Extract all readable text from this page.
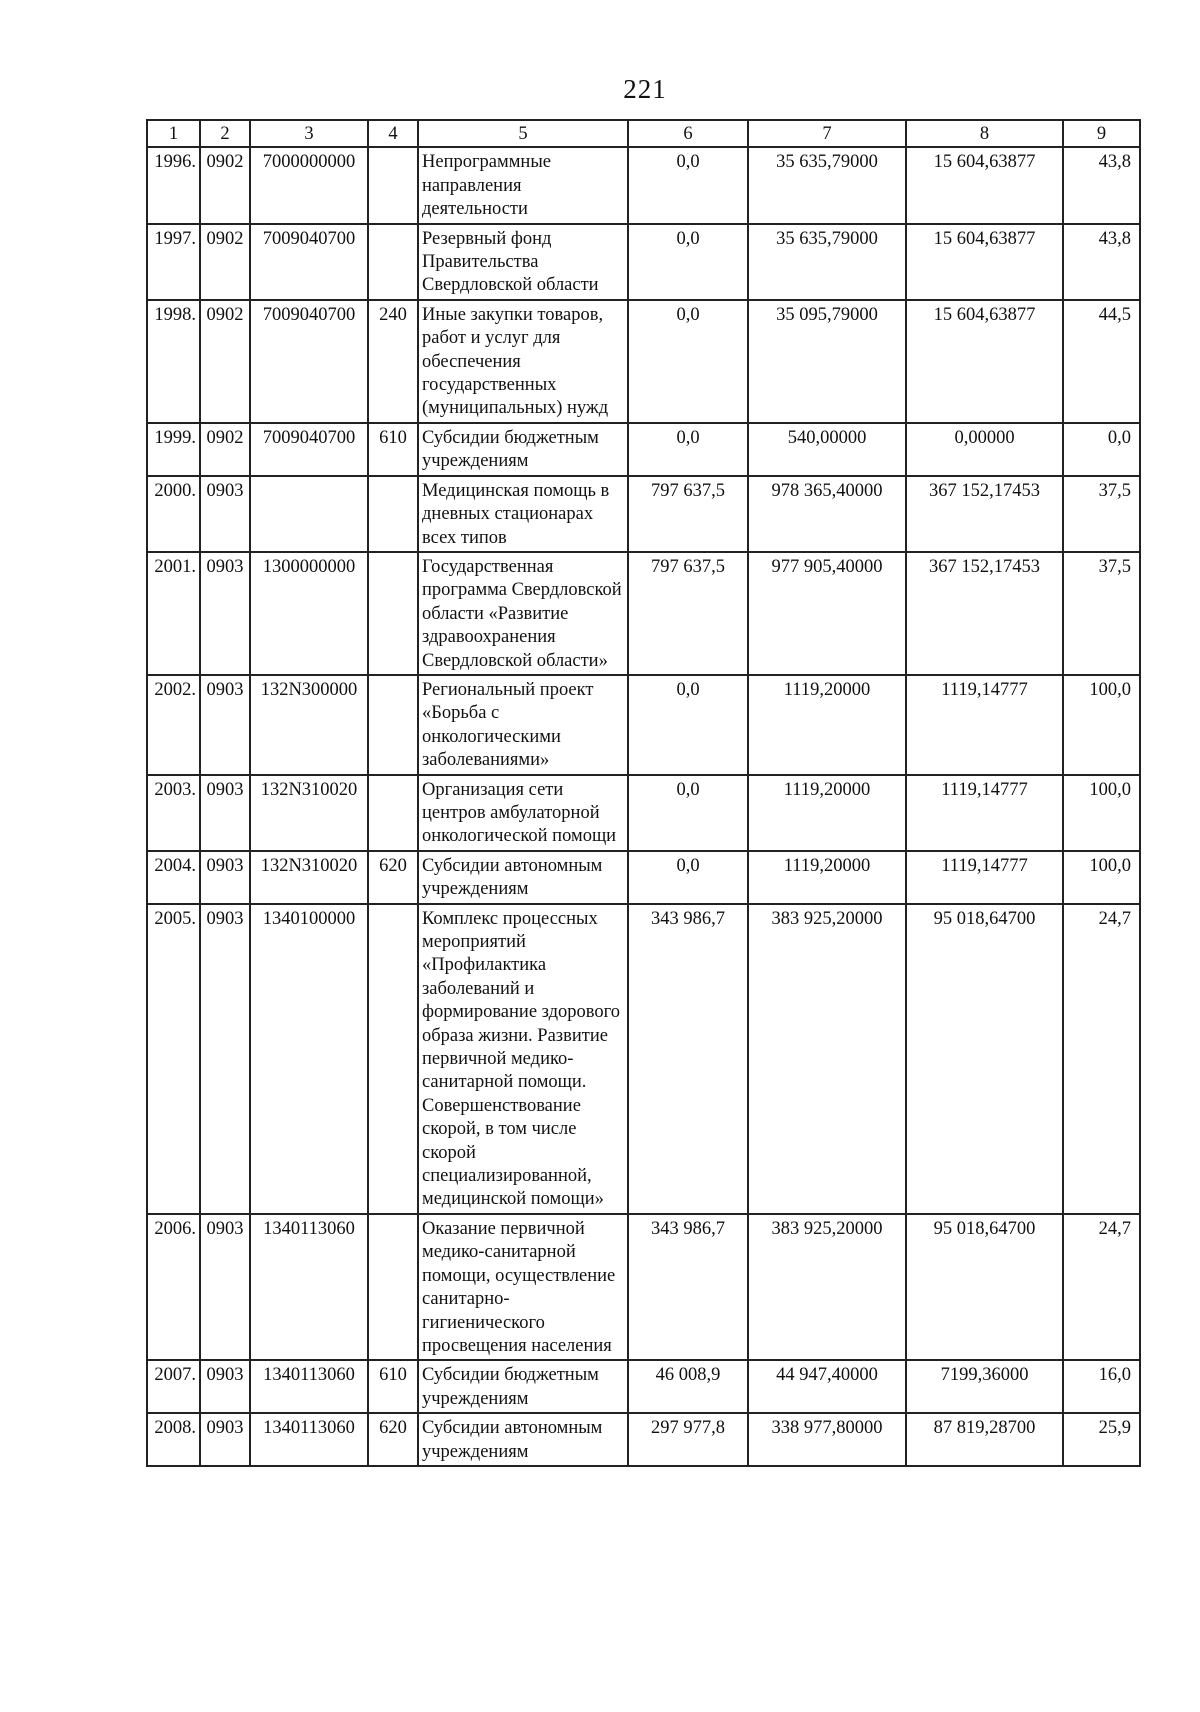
221
1	2	3	4	5	6	7	8	9
1996.	0902	7000000000		Непрограммные направления деятельности	0,0	35 635,79000	15 604,63877	43,8
1997.	0902	7009040700		Резервный фонд Правительства Свердловской области	0,0	35 635,79000	15 604,63877	43,8
1998.	0902	7009040700	240	Иные закупки товаров, работ и услуг для обеспечения государственных (муниципальных) нужд	0,0	35 095,79000	15 604,63877	44,5
1999.	0902	7009040700	610	Субсидии бюджетным учреждениям	0,0	540,00000	0,00000	0,0
2000.	0903			Медицинская помощь в дневных стационарах всех типов	797 637,5	978 365,40000	367 152,17453	37,5
2001.	0903	1300000000		Государственная программа Свердловской области «Развитие здравоохранения Свердловской области»	797 637,5	977 905,40000	367 152,17453	37,5
2002.	0903	132N300000		Региональный проект «Борьба с онкологическими заболеваниями»	0,0	1119,20000	1119,14777	100,0
2003.	0903	132N310020		Организация сети центров амбулаторной онкологической помощи	0,0	1119,20000	1119,14777	100,0
2004.	0903	132N310020	620	Субсидии автономным учреждениям	0,0	1119,20000	1119,14777	100,0
2005.	0903	1340100000		Комплекс процессных мероприятий «Профилактика заболеваний и формирование здорового образа жизни. Развитие первичной медико-санитарной помощи. Совершенствование скорой, в том числе скорой специализированной, медицинской помощи»	343 986,7	383 925,20000	95 018,64700	24,7
2006.	0903	1340113060		Оказание первичной медико-санитарной помощи, осуществление санитарно-гигиенического просвещения населения	343 986,7	383 925,20000	95 018,64700	24,7
2007.	0903	1340113060	610	Субсидии бюджетным учреждениям	46 008,9	44 947,40000	7199,36000	16,0
2008.	0903	1340113060	620	Субсидии автономным учреждениям	297 977,8	338 977,80000	87 819,28700	25,9
